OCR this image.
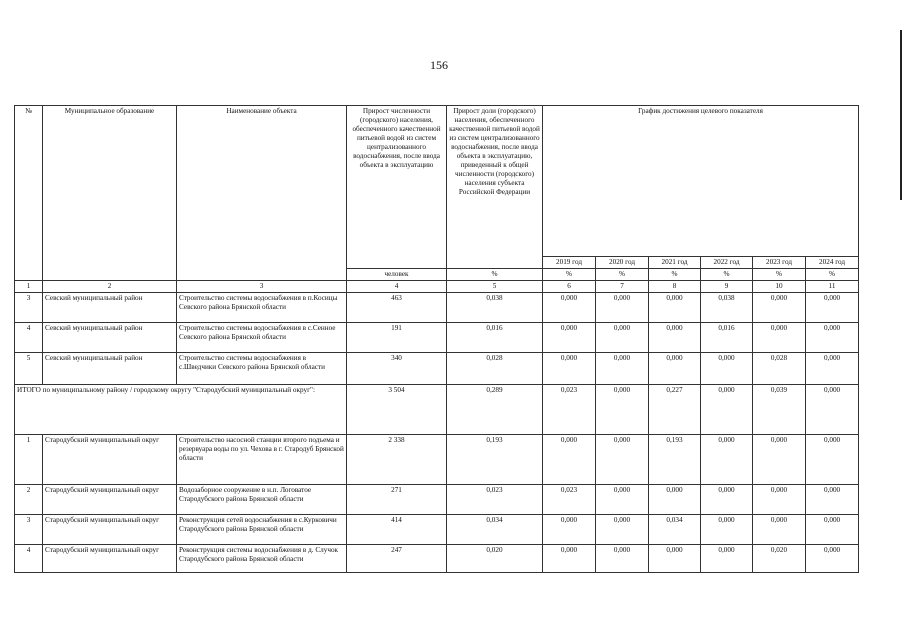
156
№	Муниципальное образование	Наименование объекта	Прирост численности (городского) населения, обеспеченного качественной питьевой водой из систем централизованного водоснабжения, после ввода объекта в эксплуатацию	Прирост доли (городского) населения, обеспеченного качественной питьевой водой из систем централизованного водоснабжения, после ввода объекта в эксплуатацию, приведенный к общей численности (городского) населения субъекта Российской Федерации	График достижения целевого показателя					
					2019 год	2020 год	2021 год	2022 год	2023 год	2024 год
			человек	%	%	%	%	%	%	%
1	2	3	4	5	6	7	8	9	10	11
3	Севский муниципальный район	Строительство системы водоснабжения в п.Косицы Севского района Брянской области	463	0,038	0,000	0,000	0,000	0,038	0,000	0,000
4	Севский муниципальный район	Строительство системы водоснабжения в с.Сенное Севского района Брянской области	191	0,016	0,000	0,000	0,000	0,016	0,000	0,000
5	Севский муниципальный район	Строительство системы водоснабжения в с.Шведчики Севского района Брянской области	340	0,028	0,000	0,000	0,000	0,000	0,028	0,000
ИТОГО по муниципальному району / городскому округу "Стародубский муниципальный округ":			3 504	0,289	0,023	0,000	0,227	0,000	0,039	0,000
1	Стародубский муниципальный округ	Строительство насосной станции второго подъема и резервуара воды по ул. Чехова в г. Стародуб Брянской области	2 338	0,193	0,000	0,000	0,193	0,000	0,000	0,000
2	Стародубский муниципальный округ	Водозаборное сооружение в н.п. Логоватое Стародубского района Брянской области	271	0,023	0,023	0,000	0,000	0,000	0,000	0,000
3	Стародубский муниципальный округ	Реконструкция сетей водоснабжения в с.Курковичи Стародубского района Брянской области	414	0,034	0,000	0,000	0,034	0,000	0,000	0,000
4	Стародубский муниципальный округ	Реконструкция системы водоснабжения в д. Случок Стародубского района Брянской области	247	0,020	0,000	0,000	0,000	0,000	0,020	0,000
